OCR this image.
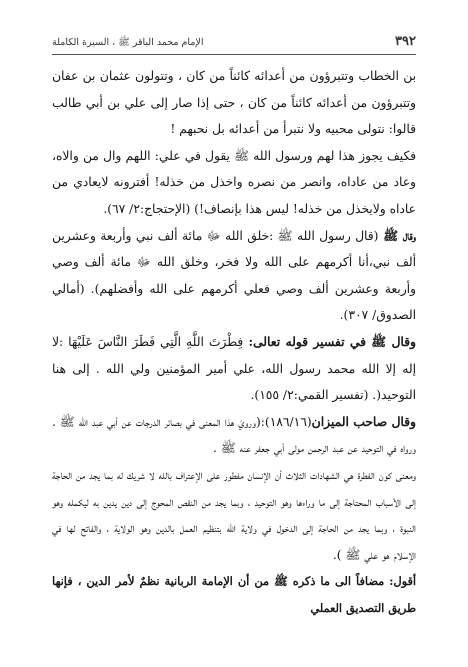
٣٩٢
الإمام محمد الباقر ﷺ ، السيرة الكاملة

بن الخطاب وتتبرؤون من أعدائه كائناً من كان ، وتتولون عثمان بن عفان وتتبرؤون من أعدائه كائناً من كان ، حتى إذا صار إلى علي بن أبي طالب قالوا: نتولى محبيه ولا نتبرأ من أعدائه بل نحبهم !

فكيف يجوز هذا لهم ورسول الله ﷺ يقول في علي: اللهم وال من والاه، وعاد من عاداه، وانصر من نصره واخذل من خذله! أفترونه لايعادي من عاداه ولايخذل من خذله! ليس هذا بإنصاف!) (الإحتجاج:٢/ ٦٧).

وقال ﷺ (قال رسول الله ﷺ :خلق الله ﷻ مائة ألف نبي وأربعة وعشرين ألف نبي،أنا أكرمهم على الله ولا فخر، وخلق الله ﷻ مائة ألف وصي وأربعة وعشرين ألف وصي فعلي أكرمهم على الله وأفضلهم). (أمالي الصدوق/ ٣٠٧).

وقال ﷺ في تفسير قوله تعالى: فِطْرَتَ اللَّهِ الَّتِي فَطَرَ النَّاسَ عَلَيْهَا :لا إله إلا الله محمد رسول الله، علي أمير المؤمنين ولي الله . إلى هنا التوحيد(. (تفسير القمي:٢/ ١٥٥).

وقال صاحب الميزان(١٨٦/١٦):(ورويَ هذا المعنى في بصائر الدرجات عن أبي عبد الله ﷺ . ورواه في التوحيد عن عبد الرحمن مولى أبي جعفر عنه ﷺ .

ومعنى كون الفطرة هي الشهادات الثلاث أن الإنسان مفطور على الإعتراف بالله لا شريك له بما يجد من الحاجة إلى الأسباب المحتاجة إلى ما وراءها وهو التوحيد ، وبما يجد من النقص المحوج إلى دين يدين به ليكمله وهو النبوة ، وبما يجد من الحاجة إلى الدخول في ولاية الله بتنظيم العمل بالدين وهو الولاية ، والفاتح لها في الإسلام هو علي ﷺ ).

أقول: مضافاً الى ما ذكره ﷺ من أن الإمامة الربانية نظمٌ لأمر الدين ، فإنها طريق التصديق العملي
